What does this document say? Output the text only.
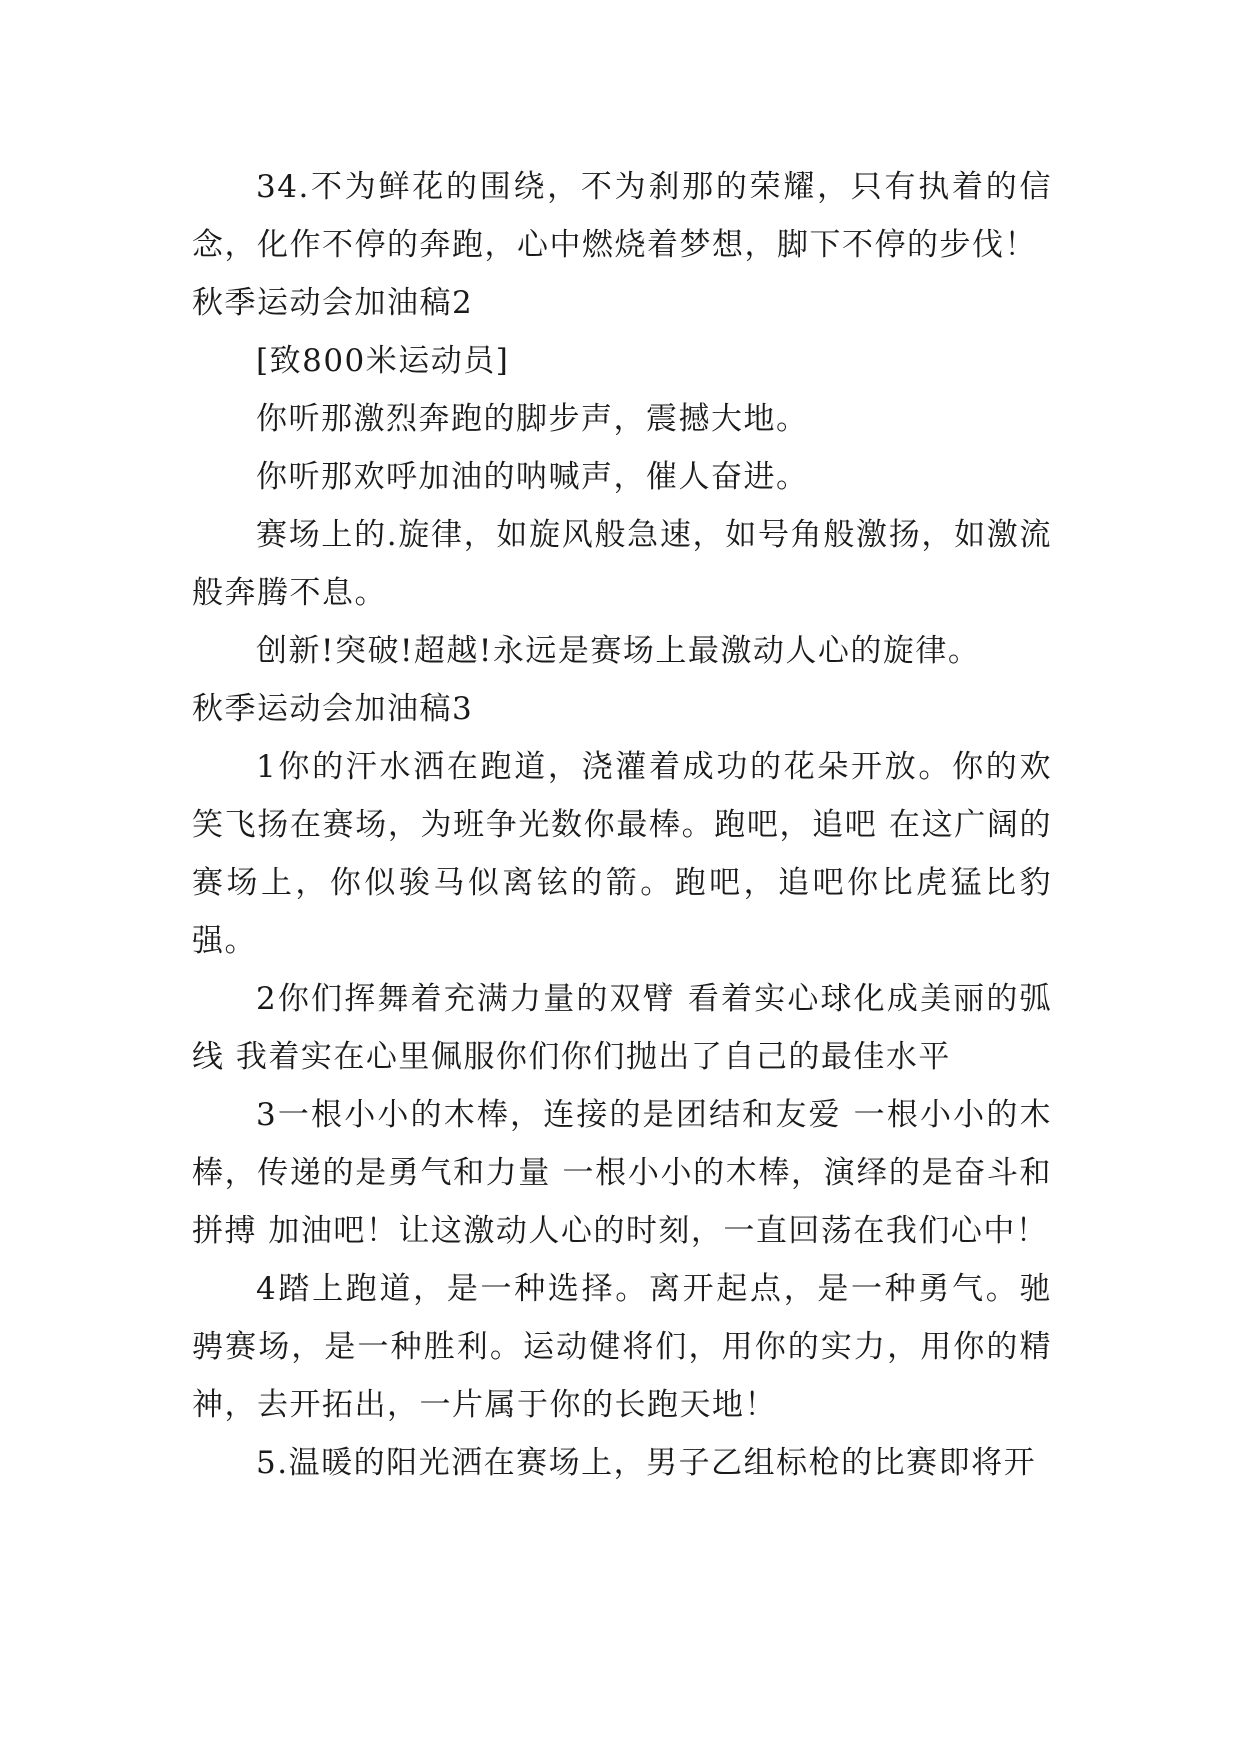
34.不为鲜花的围绕，不为刹那的荣耀，只有执着的信念，化作不停的奔跑，心中燃烧着梦想，脚下不停的步伐！

秋季运动会加油稿2

[致800米运动员]

你听那激烈奔跑的脚步声，震撼大地。

你听那欢呼加油的呐喊声，催人奋进。

赛场上的.旋律，如旋风般急速，如号角般激扬，如激流般奔腾不息。

创新!突破!超越!永远是赛场上最激动人心的旋律。

秋季运动会加油稿3

1你的汗水洒在跑道，浇灌着成功的花朵开放。你的欢笑飞扬在赛场，为班争光数你最棒。跑吧，追吧 在这广阔的赛场上，你似骏马似离铉的箭。跑吧，追吧你比虎猛比豹强。

2你们挥舞着充满力量的双臂 看着实心球化成美丽的弧线 我着实在心里佩服你们你们抛出了自己的最佳水平

3一根小小的木棒，连接的是团结和友爱 一根小小的木棒，传递的是勇气和力量 一根小小的木棒，演绎的是奋斗和拼搏 加油吧！让这激动人心的时刻，一直回荡在我们心中！

4踏上跑道，是一种选择。离开起点，是一种勇气。驰骋赛场，是一种胜利。运动健将们，用你的实力，用你的精神，去开拓出，一片属于你的长跑天地！

5.温暖的阳光洒在赛场上，男子乙组标枪的比赛即将开
